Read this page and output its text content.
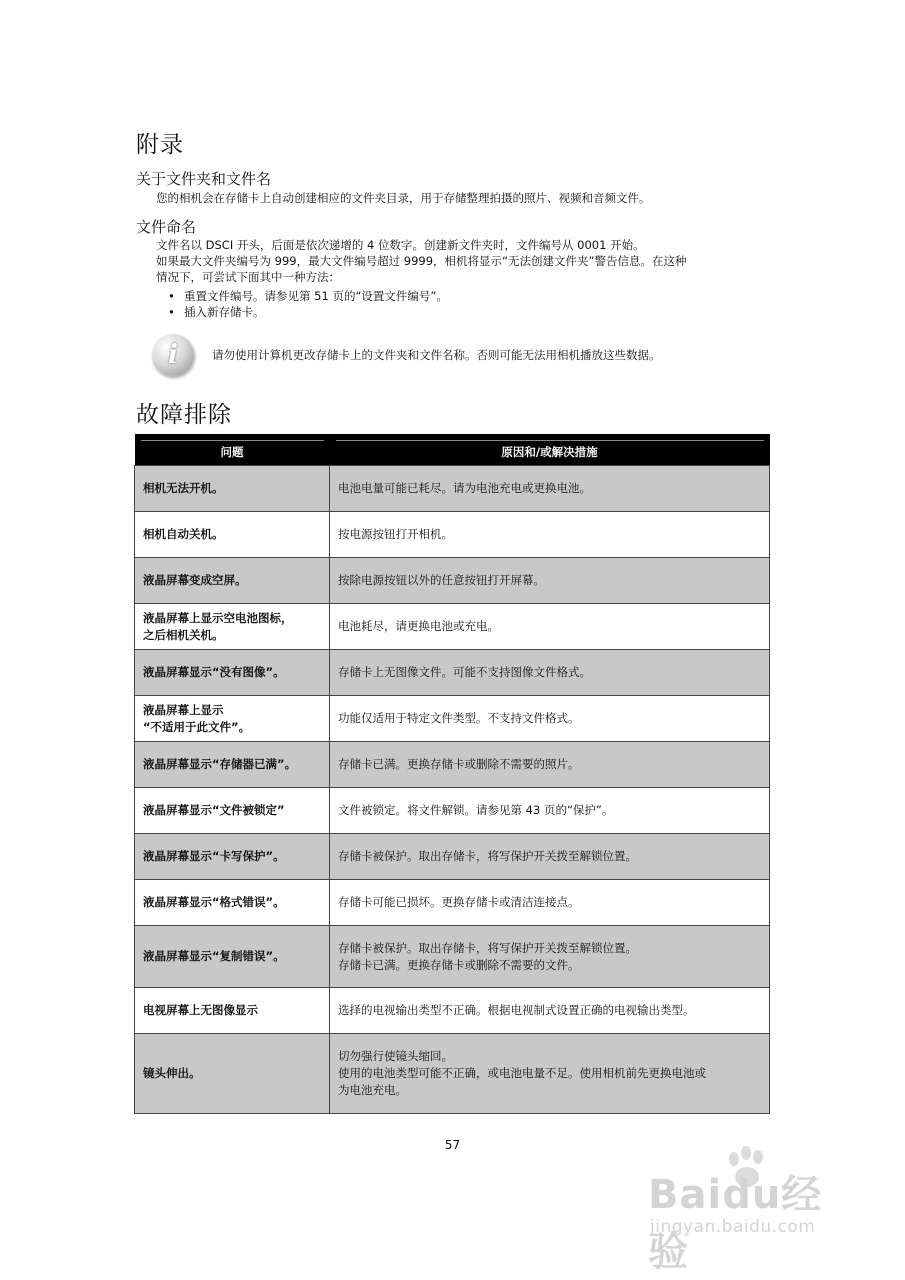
附录
关于文件夹和文件名
您的相机会在存储卡上自动创建相应的文件夹目录，用于存储整理拍摄的照片、视频和音频文件。
文件命名
文件名以 DSCI 开头，后面是依次递增的 4 位数字。创建新文件夹时，文件编号从 0001 开始。
如果最大文件夹编号为 999，最大文件编号超过 9999，相机将显示“无法创建文件夹”警告信息。在这种
情况下，可尝试下面其中一种方法：
• 重置文件编号。请参见第 51 页的“设置文件编号”。
• 插入新存储卡。
i	请勿使用计算机更改存储卡上的文件夹和文件名称。否则可能无法用相机播放这些数据。
故障排除
问题	原因和/或解决措施

相机无法开机。	电池电量可能已耗尽。请为电池充电或更换电池。

相机自动关机。	按电源按钮打开相机。

液晶屏幕变成空屏。	按除电源按钮以外的任意按钮打开屏幕。

液晶屏幕上显示空电池图标，
之后相机关机。	电池耗尽，请更换电池或充电。

液晶屏幕显示“没有图像”。	存储卡上无图像文件。可能不支持图像文件格式。

液晶屏幕上显示
“不适用于此文件”。	功能仅适用于特定文件类型。不支持文件格式。

液晶屏幕显示“存储器已满”。	存储卡已满。更换存储卡或删除不需要的照片。

液晶屏幕显示“文件被锁定”	文件被锁定。将文件解锁。请参见第 43 页的“保护”。

液晶屏幕显示“卡写保护”。	存储卡被保护。取出存储卡，将写保护开关拨至解锁位置。

液晶屏幕显示“格式错误”。	存储卡可能已损坏。更换存储卡或清洁连接点。

液晶屏幕显示“复制错误”。	存储卡被保护。取出存储卡，将写保护开关拨至解锁位置。
存储卡已满。更换存储卡或删除不需要的文件。

电视屏幕上无图像显示	选择的电视输出类型不正确。根据电视制式设置正确的电视输出类型。

镜头伸出。	切勿强行使镜头缩回。
使用的电池类型可能不正确，或电池电量不足。使用相机前先更换电池或
为电池充电。
57
Baidu经验
jingyan.baidu.com
